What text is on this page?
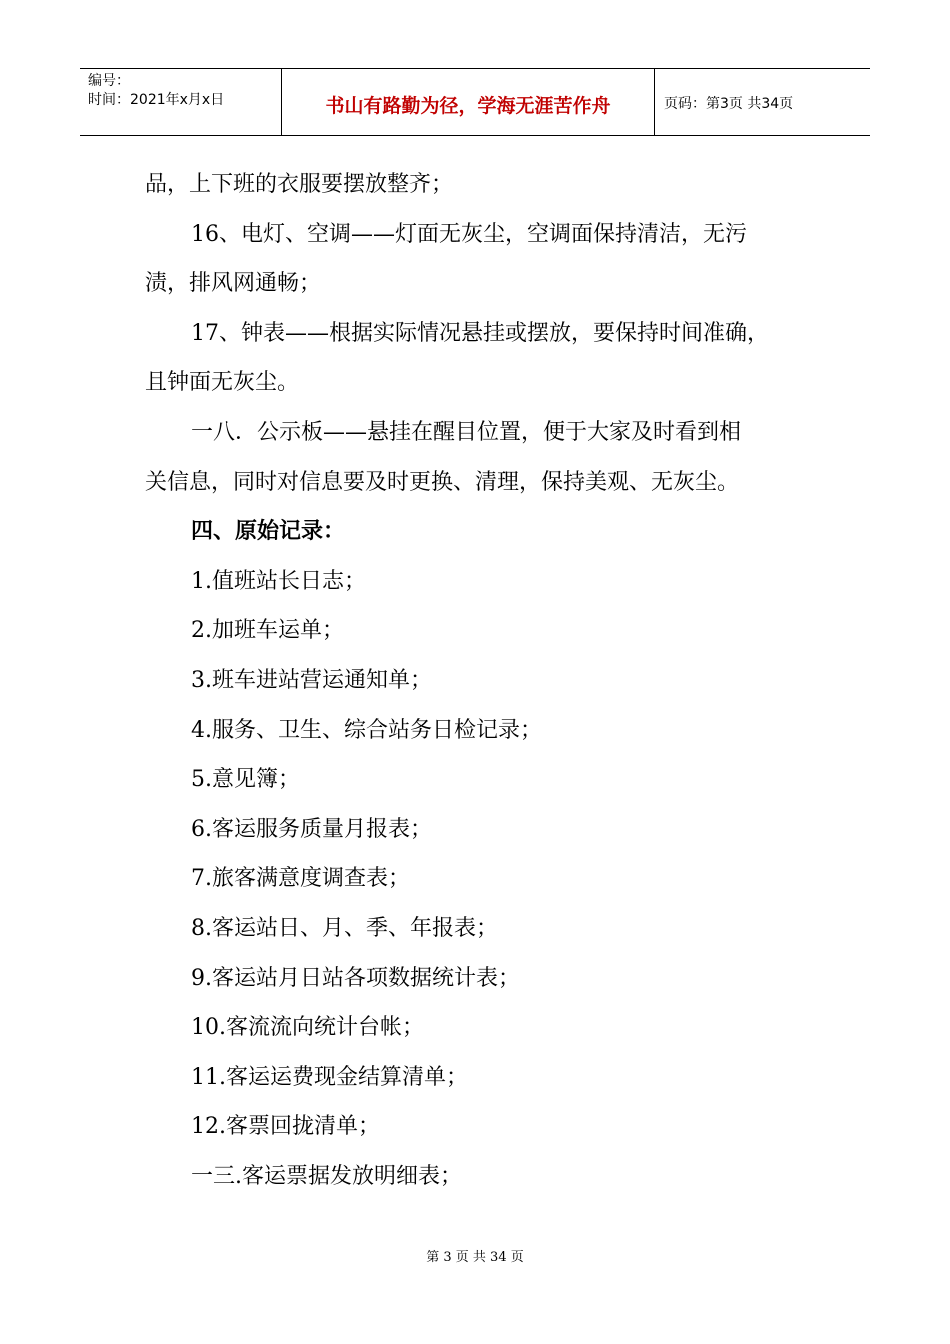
编号：
时间：2021年x月x日	书山有路勤为径，学海无涯苦作舟	页码：第3页 共34页
品，上下班的衣服要摆放整齐；
16、电灯、空调——灯面无灰尘，空调面保持清洁，无污
渍，排风网通畅；
17、钟表——根据实际情况悬挂或摆放，要保持时间准确，
且钟面无灰尘。
一八．公示板——悬挂在醒目位置，便于大家及时看到相
关信息，同时对信息要及时更换、清理，保持美观、无灰尘。
四、原始记录：
1.值班站长日志；
2.加班车运单；
3.班车进站营运通知单；
4.服务、卫生、综合站务日检记录；
5.意见簿；
6.客运服务质量月报表；
7.旅客满意度调查表；
8.客运站日、月、季、年报表；
9.客运站月日站各项数据统计表；
10.客流流向统计台帐；
11.客运运费现金结算清单；
12.客票回拢清单；
一三.客运票据发放明细表；
第 3 页 共 34 页
